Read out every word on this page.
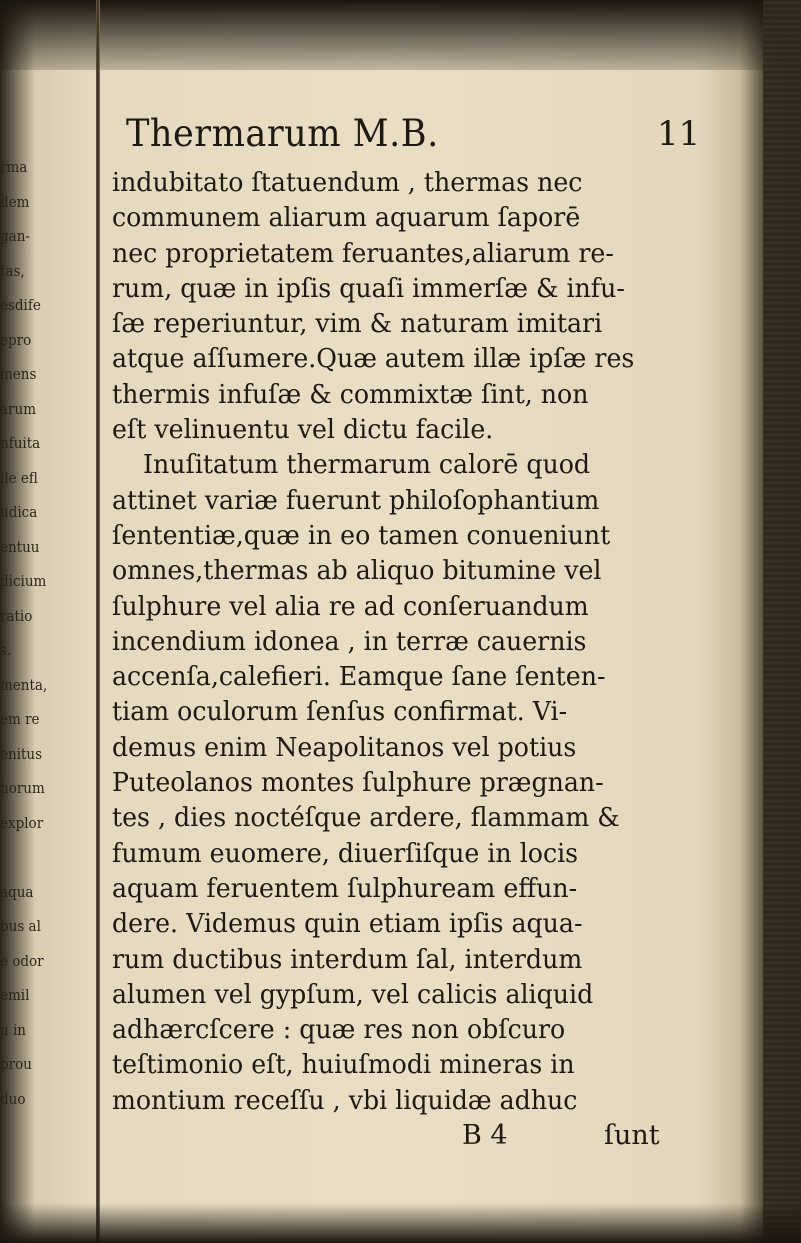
rma
dem
gan-
tas,
esdife
epro
mens
arum
nfuita
ile efl
udica
entuu
dicium
ratio
s.
menta,
em re
enitus
horum
explor

aqua
bus al
e odor
emil
u in
prou
duo
Thermarum M.B.	11
indubitato ſtatuendum , thermas nec
communem aliarum aquarum ſaporē
nec proprietatem feruantes,aliarum re-
rum, quæ in ipſis quaſi immerſæ & infu-
ſæ reperiuntur, vim & naturam imitari
atque aſſumere.Quæ autem illæ ipſæ res
thermis infuſæ & commixtæ ſint, non
eſt velinuentu vel dictu facile.
Inuſitatum thermarum calorē quod
attinet variæ fuerunt philoſophantium
ſententiæ,quæ in eo tamen conueniunt
omnes,thermas ab aliquo bitumine vel
ſulphure vel alia re ad conſeruandum
incendium idonea , in terræ cauernis
accenſa,calefieri. Eamque ſane ſenten-
tiam oculorum ſenſus confirmat. Vi-
demus enim Neapolitanos vel potius
Puteolanos montes ſulphure prægnan-
tes , dies noctéſque ardere, flammam &
fumum euomere, diuerſiſque in locis
aquam feruentem ſulphuream effun-
dere. Videmus quin etiam ipſis aqua-
rum ductibus interdum ſal, interdum
alumen vel gypſum, vel calicis aliquid
adhærcſcere : quæ res non obſcuro
teſtimonio eſt, huiuſmodi mineras in
montium receſſu , vbi liquidæ adhuc
B 4	ſunt
